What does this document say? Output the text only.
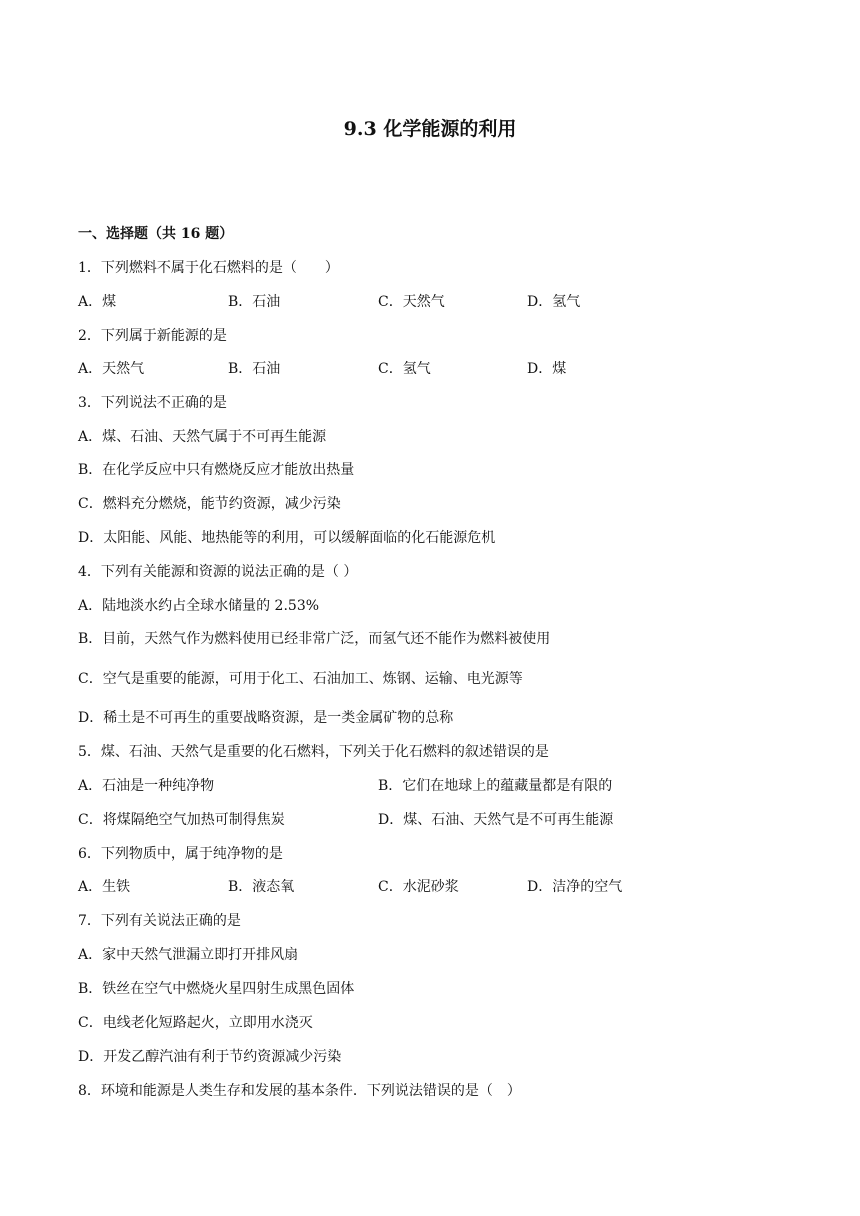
9.3 化学能源的利用
一、选择题（共 16 题）
1．下列燃料不属于化石燃料的是（　　）
A．煤	B．石油	C．天然气	D．氢气
2．下列属于新能源的是
A．天然气	B．石油	C．氢气	D．煤
3．下列说法不正确的是
A．煤、石油、天然气属于不可再生能源
B．在化学反应中只有燃烧反应才能放出热量
C．燃料充分燃烧，能节约资源，减少污染
D．太阳能、风能、地热能等的利用，可以缓解面临的化石能源危机
4．下列有关能源和资源的说法正确的是（ ）
A．陆地淡水约占全球水储量的 2.53%
B．目前，天然气作为燃料使用已经非常广泛，而氢气还不能作为燃料被使用
C．空气是重要的能源，可用于化工、石油加工、炼钢、运输、电光源等
D．稀土是不可再生的重要战略资源，是一类金属矿物的总称
5．煤、石油、天然气是重要的化石燃料，下列关于化石燃料的叙述错误的是
A．石油是一种纯净物	B．它们在地球上的蕴藏量都是有限的
C．将煤隔绝空气加热可制得焦炭	D．煤、石油、天然气是不可再生能源
6．下列物质中，属于纯净物的是
A．生铁	B．液态氧	C．水泥砂浆	D．洁净的空气
7．下列有关说法正确的是
A．家中天然气泄漏立即打开排风扇
B．铁丝在空气中燃烧火星四射生成黑色固体
C．电线老化短路起火，立即用水浇灭
D．开发乙醇汽油有利于节约资源减少污染
8．环境和能源是人类生存和发展的基本条件．下列说法错误的是（　）
